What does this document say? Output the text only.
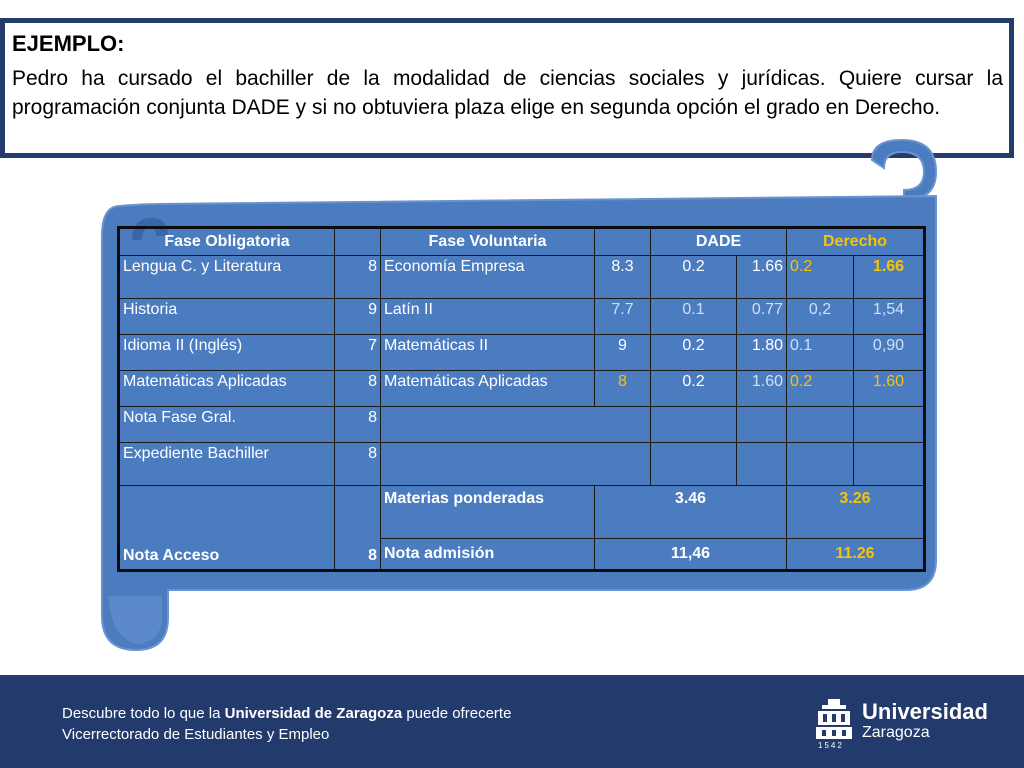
EJEMPLO:

Pedro ha cursado el bachiller de la modalidad de ciencias sociales y jurídicas. Quiere cursar la programación conjunta DADE y si no obtuviera plaza elige en segunda opción el grado en Derecho.

Fase Obligatoria		Fase Voluntaria		DADE		Derecho	
Lengua C. y Literatura	8	Economía Empresa	8.3	0.2	1.66	0.2	1.66
Historia	9	Latín II	7.7	0.1	0.77	0,2	1,54
Idioma II (Inglés)	7	Matemáticas II	9	0.2	1.80	0.1	0,90
Matemáticas Aplicadas	8	Matemáticas Aplicadas	8	0.2	1.60	0.2	1.60
Nota Fase Gral.	8						
Expediente Bachiller	8						
Nota Acceso	8	Materias ponderadas	3.46			3.26	
		Nota admisión	11,46			11.26	
Descubre todo lo que la Universidad de Zaragoza puede ofrecerte
Vicerrectorado de Estudiantes y Empleo
1542
Universidad
Zaragoza
